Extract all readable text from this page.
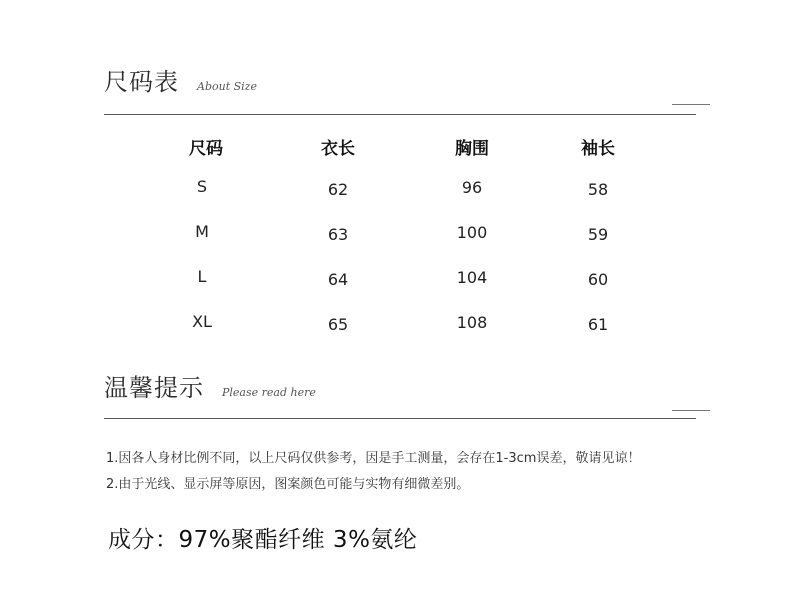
尺码表 About Size
尺码	衣长	胸围	袖长
S	62	96	58
M	63	100	59
L	64	104	60
XL	65	108	61
温馨提示 Please read here
1.因各人身材比例不同，以上尺码仅供参考，因是手工测量，会存在1-3cm误差，敬请见谅！
2.由于光线、显示屏等原因，图案颜色可能与实物有细微差别。
成分：97%聚酯纤维 3%氨纶
